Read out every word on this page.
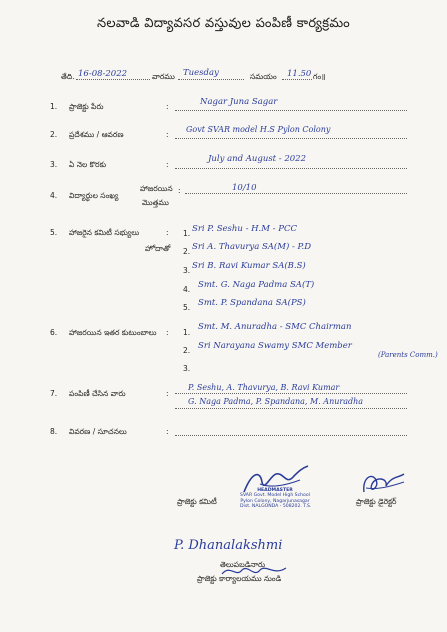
నలవాడి విద్యావసర వస్తువుల పంపిణీ కార్యక్రమం
తేది. 16-08-2022	వారము Tuesday	సమయం 11.50 గం॥
1. ప్రాజెక్టు పేరు	:	Nagar Juna Sagar
2. ప్రదేశము / ఆవరణ	:
Govt SVAR model H.S Pylon Colony
3. ఏ నెల కొరకు	:
July and August - 2022
4. విద్యార్థుల సంఖ్య
హాజరయిన
మొత్తము
:	10/10
5. హాజరైన కమిటీ సభ్యులు
హోదాతో
: 1. Sri P. Seshu - H.M - PCC
2. Sri A. Thavurya SA(M) - P.D
3. Sri B. Ravi Kumar SA(B.S)
4. Smt. G. Naga Padma SA(T)
5. Smt. P. Spandana SA(PS)
6. హాజరయిన ఇతర కుటుంబాలు : 1.
Smt. M. Anuradha - SMC Chairman
2. Sri Narayana Swamy SMC Member
(Parents Comm.)
3.
7. పంపిణీ చేసిన వారు	:
P. Seshu, A. Thavurya, B. Ravi Kumar
G. Naga Padma, P. Spandana, M. Anuradha
8. వివరణ / సూచనలు	:
HEADMASTER
SVAR Govt. Model High School
Pylon Colony, Nagarjunasagar
Dist. NALGONDA - 508202. T.S.
ప్రాజెక్టు కమిటీ	ప్రాజెక్టు డైరెక్టర్
P. Dhanalakshmi
తెలుపబడినారు
ప్రాజెక్టు కార్యాలయము నుండి
